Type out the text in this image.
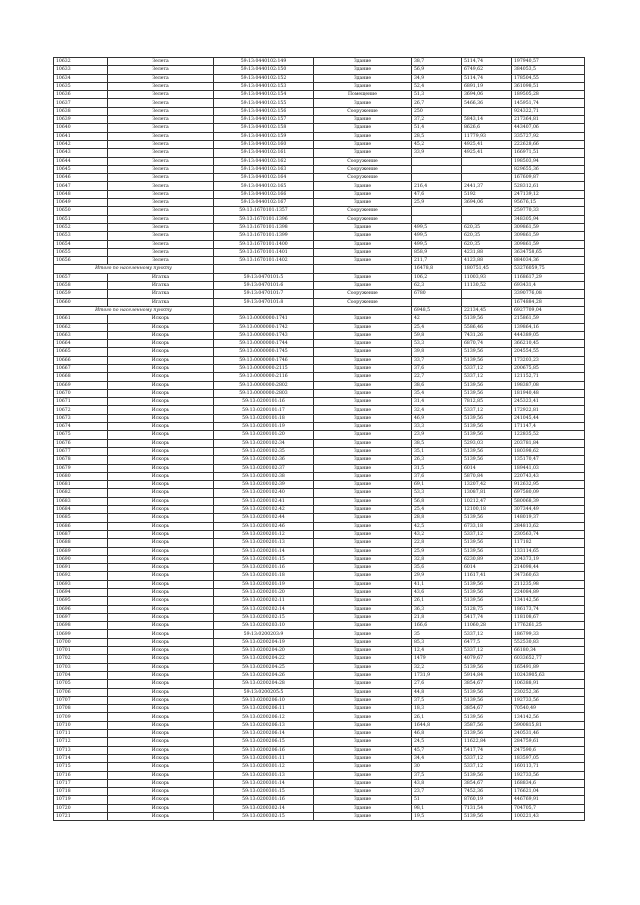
10632	Зелета	59:13:0440102:149	Здание	38,7	5114,74	197940,57
10633	Зелета	59:13:0440102:150	Здание	56,9	6749,62	384053,5
10634	Зелета	59:13:0440102:152	Здание	34,9	5114,74	178504,55
10635	Зелета	59:13:0440102:153	Здание	52,4	6891,19	361098,51
10636	Зелета	59:13:0440102:154	Помещение	51,3	3694,06	189505,28
10637	Зелета	59:13:0440102:155	Здание	26,7	5466,36	145951,74
10638	Зелета	59:13:0440102:156	Сооружение	250		924322,71
10639	Зелета	59:13:0440102:157	Здание	37,2	5843,14	217364,81
10640	Зелета	59:13:0440102:158	Здание	51,4	8626,6	443407,06
10641	Зелета	59:13:0440102:159	Здание	28,5	11779,93	335727,92
10642	Зелета	59:13:0440102:160	Здание	45,2	4925,41	222628,66
10643	Зелета	59:13:0440102:161	Здание	33,9	4925,41	166971,51
10644	Зелета	59:13:0440102:162	Сооружение			198503,94
10645	Зелета	59:13:0440102:163	Сооружение			829655,36
10646	Зелета	59:13:0440102:164	Сооружение			167609,87
10647	Зелета	59:13:0440102:165	Здание	216,4	2441,37	528312,61
10648	Зелета	59:13:0440102:166	Здание	47,6	5192	247139,12
10649	Зелета	59:13:0440102:167	Здание	25,9	3694,06	95676,15
10650	Зелета	59:13:1670101:1357	Сооружение			259770,33
10651	Зелета	59:13:1670101:1396	Сооружение			348305,94
10652	Зелета	59:13:1670101:1398	Здание	499,5	620,35	309861,59
10653	Зелета	59:13:1670101:1399	Здание	499,5	620,35	309861,59
10654	Зелета	59:13:1670101:1400	Здание	499,5	620,35	309861,59
10655	Зелета	59:13:1670101:1401	Здание	858,9	4231,88	3634758,65
10656	Зелета	59:13:1670101:1402	Здание	211,7	4123,88	884034,36
Итого по населенному пункту				16478,8	180751,45	53276059,75
10657	Игатка	59:13:0470101:5	Здание	106,2	11003,93	1168617,29
10658	Игатка	59:13:0470101:6	Здание	62,3	11130,52	693431,4
10659	Игатка	59:13:0470101:7	Сооружение	6780		3390776,08
10660	Игатка	59:13:0470101:8	Сооружение			1674884,28
Итого по населенному пункту				6948,5	22134,45	6927709,04
10661	Искорь	59:13:0000000:1741	Здание	42	5139,56	215861,59
10662	Искорь	59:13:0000000:1742	Здание	25,4	5586,46	139864,16
10663	Искорь	59:13:0000000:1743	Здание	59,8	7431,26	444389,05
10664	Искорь	59:13:0000000:1744	Здание	53,3	6870,74	366210,45
10665	Искорь	59:13:0000000:1745	Здание	39,8	5139,56	204554,55
10666	Искорь	59:13:0000000:1746	Здание	33,7	5139,56	173203,23
10667	Искорь	59:13:0000000:2115	Здание	37,6	5337,12	200675,85
10668	Искорь	59:13:0000000:2116	Здание	22,7	5337,12	121152,71
10669	Искорь	59:13:0000000:2802	Здание	38,6	5139,56	198387,08
10670	Искорь	59:13:0000000:2803	Здание	35,4	5139,56	181940,48
10671	Искорь	59:13:0200101:16	Здание	31,4	7812,85	245323,41
10672	Искорь	59:13:0200101:17	Здание	32,4	5337,12	172922,81
10673	Искорь	59:13:0200101:18	Здание	46,9	5139,56	241045,44
10674	Искорь	59:13:0200101:19	Здание	33,3	5139,56	171147,4
10675	Искорь	59:13:0200101:20	Здание	23,9	5139,56	122835,52
10676	Искорь	59:13:0200102:34	Здание	38,5	5293,03	203781,84
10677	Искорь	59:13:0200102:35	Здание	35,1	5139,56	180398,62
10678	Искорь	59:13:0200102:36	Здание	26,3	5139,56	135170,47
10679	Искорь	59:13:0200102:37	Здание	31,5	6014	189441,03
10680	Искорь	59:13:0200102:38	Здание	37,6	5870,84	220743,43
10681	Искорь	59:13:0200102:39	Здание	69,1	13207,42	912632,95
10682	Искорь	59:13:0200102:40	Здание	53,3	13087,81	697580,09
10683	Искорь	59:13:0200102:41	Здание	56,8	10212,47	580068,39
10684	Искорь	59:13:0200102:42	Здание	25,4	12100,18	307344,49
10685	Искорь	59:13:0200102:44	Здание	28,8	5139,56	148019,37
10686	Искорь	59:13:0200102:46	Здание	42,5	6733,18	284813,62
10687	Искорь	59:13:0200201:12	Здание	43,2	5337,12	230563,74
10688	Искорь	59:13:0200201:13	Здание	22,8	5139,56	117182
10689	Искорь	59:13:0200201:14	Здание	25,9	5139,56	133114,65
10690	Искорь	59:13:0200201:15	Здание	32,8	6230,89	204373,19
10691	Искорь	59:13:0200201:16	Здание	35,6	6014	214098,44
10692	Искорь	59:13:0200201:18	Здание	29,9	11617,41	347360,63
10693	Искорь	59:13:0200201:19	Здание	41,1	5139,56	211235,98
10694	Искорь	59:13:0200201:20	Здание	43,6	5139,56	224084,89
10695	Искорь	59:13:0200202:11	Здание	26,1	5139,56	134142,56
10696	Искорь	59:13:0200202:14	Здание	36,3	5128,75	186173,74
10697	Искорь	59:13:0200202:15	Здание	21,8	5417,74	118108,67
10698	Искорь	59:13:0200203:10	Здание	166,6	11060,28	1776261,25
10699	Искорь	59:13:0200203:9	Здание	35	5337,12	186799,33
10700	Искорь	59:13:0200204:19	Здание	85,3	6477,5	552530,83
10701	Искорь	59:13:0200204:20	Здание	12,4	5337,12	66180,34
10702	Искорь	59:13:0200204:22	Здание	1479	4079,67	6033652,77
10703	Искорь	59:13:0200204:25	Здание	32,2	5139,56	165491,89
10704	Искорь	59:13:0200204:26	Здание	1731,9	5914,84	10243905,63
10705	Искорь	59:13:0200204:28	Здание	27,6	3854,67	106388,91
10706	Искорь	59:13:0200205:5	Здание	44,8	5139,56	230252,36
10707	Искорь	59:13:0200206:10	Здание	37,5	5139,56	192733,56
10708	Искорь	59:13:0200206:11	Здание	18,3	3854,67	70540,49
10709	Искорь	59:13:0200206:12	Здание	26,1	5139,56	134142,56
10710	Искорь	59:13:0200206:13	Здание	1644,8	3587,56	5900815,81
10711	Искорь	59:13:0200206:14	Здание	46,8	5139,56	240531,46
10712	Искорь	59:13:0200206:15	Здание	24,5	11622,84	284759,61
10713	Искорь	59:13:0200206:16	Здание	45,7	5417,74	247590,6
10714	Искорь	59:13:0200301:11	Здание	34,4	5337,12	183597,05
10715	Искорь	59:13:0200301:12	Здание	30	5337,12	160113,71
10716	Искорь	59:13:0200301:13	Здание	37,5	5139,56	192733,56
10717	Искорь	59:13:0200301:14	Здание	43,8	3854,67	168834,6
10718	Искорь	59:13:0200301:15	Здание	23,7	7452,36	176621,04
10719	Искорь	59:13:0200301:16	Здание	51	8760,19	446769,91
10720	Искорь	59:13:0200302:14	Здание	98,1	7131,54	704705,7
10721	Искорь	59:13:0200302:15	Здание	19,5	5139,56	100221,43
